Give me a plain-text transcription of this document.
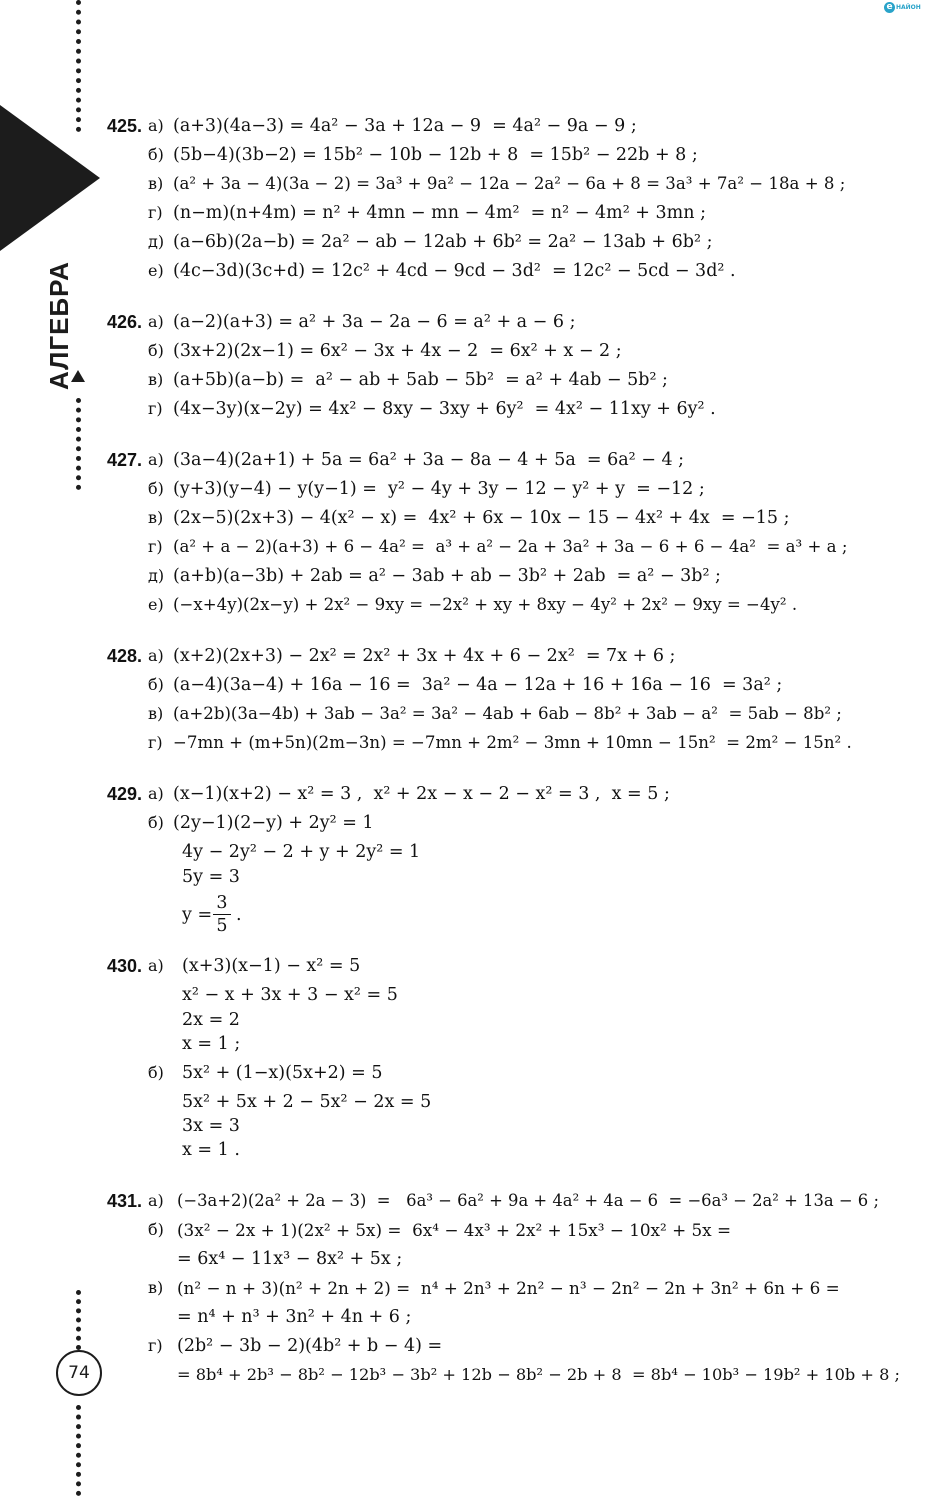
АЛГЕБРА
74
e НАЙОН
425. а) (a+3)(4a−3) = 4a² − 3a + 12a − 9  = 4a² − 9a − 9 ;
б) (5b−4)(3b−2) = 15b² − 10b − 12b + 8  = 15b² − 22b + 8 ;
в) (a² + 3a − 4)(3a − 2) = 3a³ + 9a² − 12a − 2a² − 6a + 8 = 3a³ + 7a² − 18a + 8 ;
г) (n−m)(n+4m) = n² + 4mn − mn − 4m²  = n² − 4m² + 3mn ;
д) (a−6b)(2a−b) = 2a² − ab − 12ab + 6b² = 2a² − 13ab + 6b² ;
е) (4c−3d)(3c+d) = 12c² + 4cd − 9cd − 3d²  = 12c² − 5cd − 3d² .
426. а) (a−2)(a+3) = a² + 3a − 2a − 6 = a² + a − 6 ;
б) (3x+2)(2x−1) = 6x² − 3x + 4x − 2  = 6x² + x − 2 ;
в) (a+5b)(a−b) =  a² − ab + 5ab − 5b²  = a² + 4ab − 5b² ;
г) (4x−3y)(x−2y) = 4x² − 8xy − 3xy + 6y²  = 4x² − 11xy + 6y² .
427. а) (3a−4)(2a+1) + 5a = 6a² + 3a − 8a − 4 + 5a  = 6a² − 4 ;
б) (y+3)(y−4) − y(y−1) =  y² − 4y + 3y − 12 − y² + y  = −12 ;
в) (2x−5)(2x+3) − 4(x² − x) =  4x² + 6x − 10x − 15 − 4x² + 4x  = −15 ;
г) (a² + a − 2)(a+3) + 6 − 4a² =  a³ + a² − 2a + 3a² + 3a − 6 + 6 − 4a²  = a³ + a ;
д) (a+b)(a−3b) + 2ab = a² − 3ab + ab − 3b² + 2ab  = a² − 3b² ;
е) (−x+4y)(2x−y) + 2x² − 9xy = −2x² + xy + 8xy − 4y² + 2x² − 9xy = −4y² .
428. а) (x+2)(2x+3) − 2x² = 2x² + 3x + 4x + 6 − 2x²  = 7x + 6 ;
б) (a−4)(3a−4) + 16a − 16 =  3a² − 4a − 12a + 16 + 16a − 16  = 3a² ;
в) (a+2b)(3a−4b) + 3ab − 3a² = 3a² − 4ab + 6ab − 8b² + 3ab − a²  = 5ab − 8b² ;
г) −7mn + (m+5n)(2m−3n) = −7mn + 2m² − 3mn + 10mn − 15n²  = 2m² − 15n² .
429. а) (x−1)(x+2) − x² = 3 ,  x² + 2x − x − 2 − x² = 3 ,  x = 5 ;
б) (2y−1)(2−y) + 2y² = 1
4y − 2y² − 2 + y + 2y² = 1
5y = 3
y =
3
5
.
430. а) (x+3)(x−1) − x² = 5
x² − x + 3x + 3 − x² = 5
2x = 2
x = 1 ;
б) 5x² + (1−x)(5x+2) = 5
5x² + 5x + 2 − 5x² − 2x = 5
3x = 3
x = 1 .
431. а) (−3a+2)(2a² + 2a − 3)  =   6a³ − 6a² + 9a + 4a² + 4a − 6  = −6a³ − 2a² + 13a − 6 ;
б) (3x² − 2x + 1)(2x² + 5x) =  6x⁴ − 4x³ + 2x² + 15x³ − 10x² + 5x =
= 6x⁴ − 11x³ − 8x² + 5x ;
в) (n² − n + 3)(n² + 2n + 2) =  n⁴ + 2n³ + 2n² − n³ − 2n² − 2n + 3n² + 6n + 6 =
= n⁴ + n³ + 3n² + 4n + 6 ;
г) (2b² − 3b − 2)(4b² + b − 4) =
= 8b⁴ + 2b³ − 8b² − 12b³ − 3b² + 12b − 8b² − 2b + 8  = 8b⁴ − 10b³ − 19b² + 10b + 8 ;
